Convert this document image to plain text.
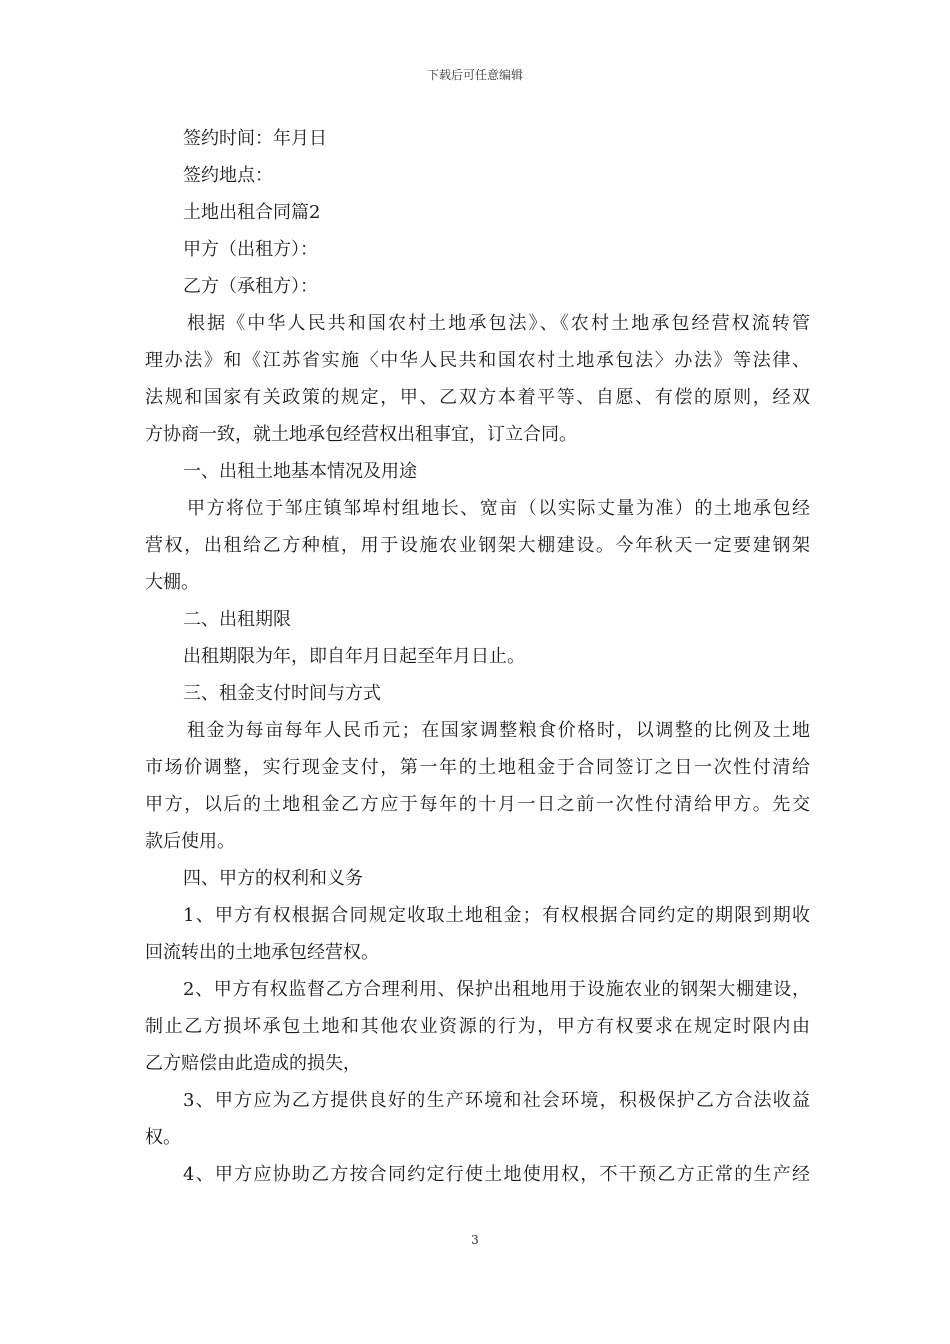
下载后可任意编辑
签约时间：年月日
签约地点：
土地出租合同篇2
甲方（出租方）：
乙方（承租方）：
根据《中华人民共和国农村土地承包法》、《农村土地承包经营权流转管
理办法》和《江苏省实施〈中华人民共和国农村土地承包法〉办法》等法律、
法规和国家有关政策的规定，甲、乙双方本着平等、自愿、有偿的原则，经双
方协商一致，就土地承包经营权出租事宜，订立合同。
一、出租土地基本情况及用途
甲方将位于邹庄镇邹埠村组地长、宽亩（以实际丈量为准）的土地承包经
营权，出租给乙方种植，用于设施农业钢架大棚建设。今年秋天一定要建钢架
大棚。
二、出租期限
出租期限为年，即自年月日起至年月日止。
三、租金支付时间与方式
租金为每亩每年人民币元；在国家调整粮食价格时，以调整的比例及土地
市场价调整，实行现金支付，第一年的土地租金于合同签订之日一次性付清给
甲方，以后的土地租金乙方应于每年的十月一日之前一次性付清给甲方。先交
款后使用。
四、甲方的权利和义务
1、甲方有权根据合同规定收取土地租金；有权根据合同约定的期限到期收
回流转出的土地承包经营权。
2、甲方有权监督乙方合理利用、保护出租地用于设施农业的钢架大棚建设，
制止乙方损坏承包土地和其他农业资源的行为，甲方有权要求在规定时限内由
乙方赔偿由此造成的损失，
3、甲方应为乙方提供良好的生产环境和社会环境，积极保护乙方合法收益
权。
4、甲方应协助乙方按合同约定行使土地使用权，不干预乙方正常的生产经
3
